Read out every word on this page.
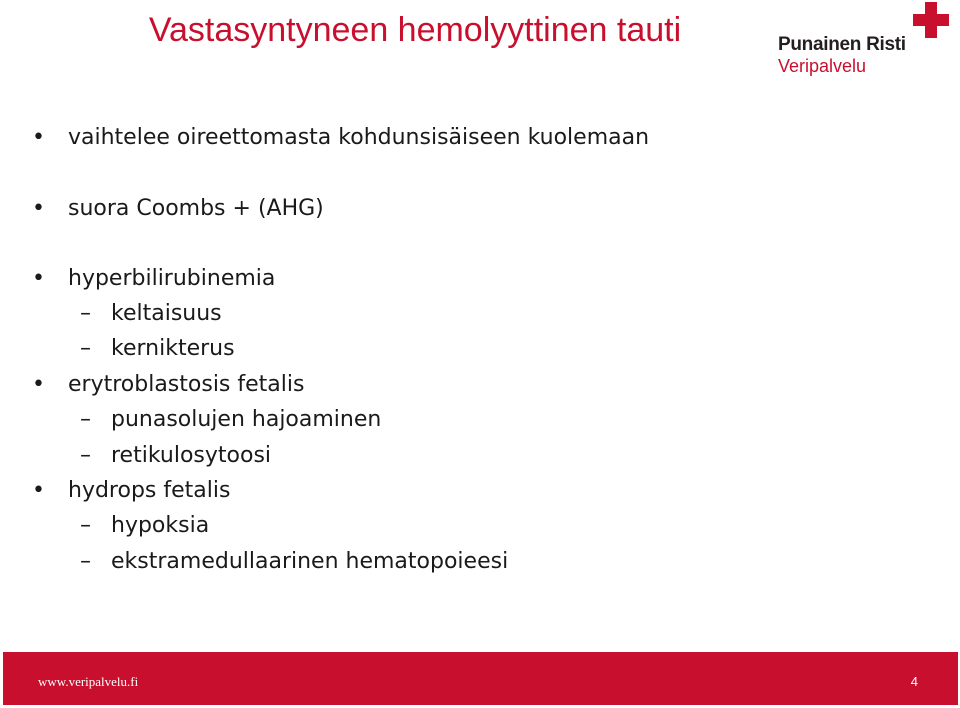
Vastasyntyneen hemolyyttinen tauti	Punainen Risti
Veripalvelu
• vaihtelee oireettomasta kohdunsisäiseen kuolemaan
• suora Coombs + (AHG)
• hyperbilirubinemia
– keltaisuus
– kernikterus
• erytroblastosis fetalis
– punasolujen hajoaminen
– retikulosytoosi
• hydrops fetalis
– hypoksia
– ekstramedullaarinen hematopoieesi
www.veripalvelu.fi	4
